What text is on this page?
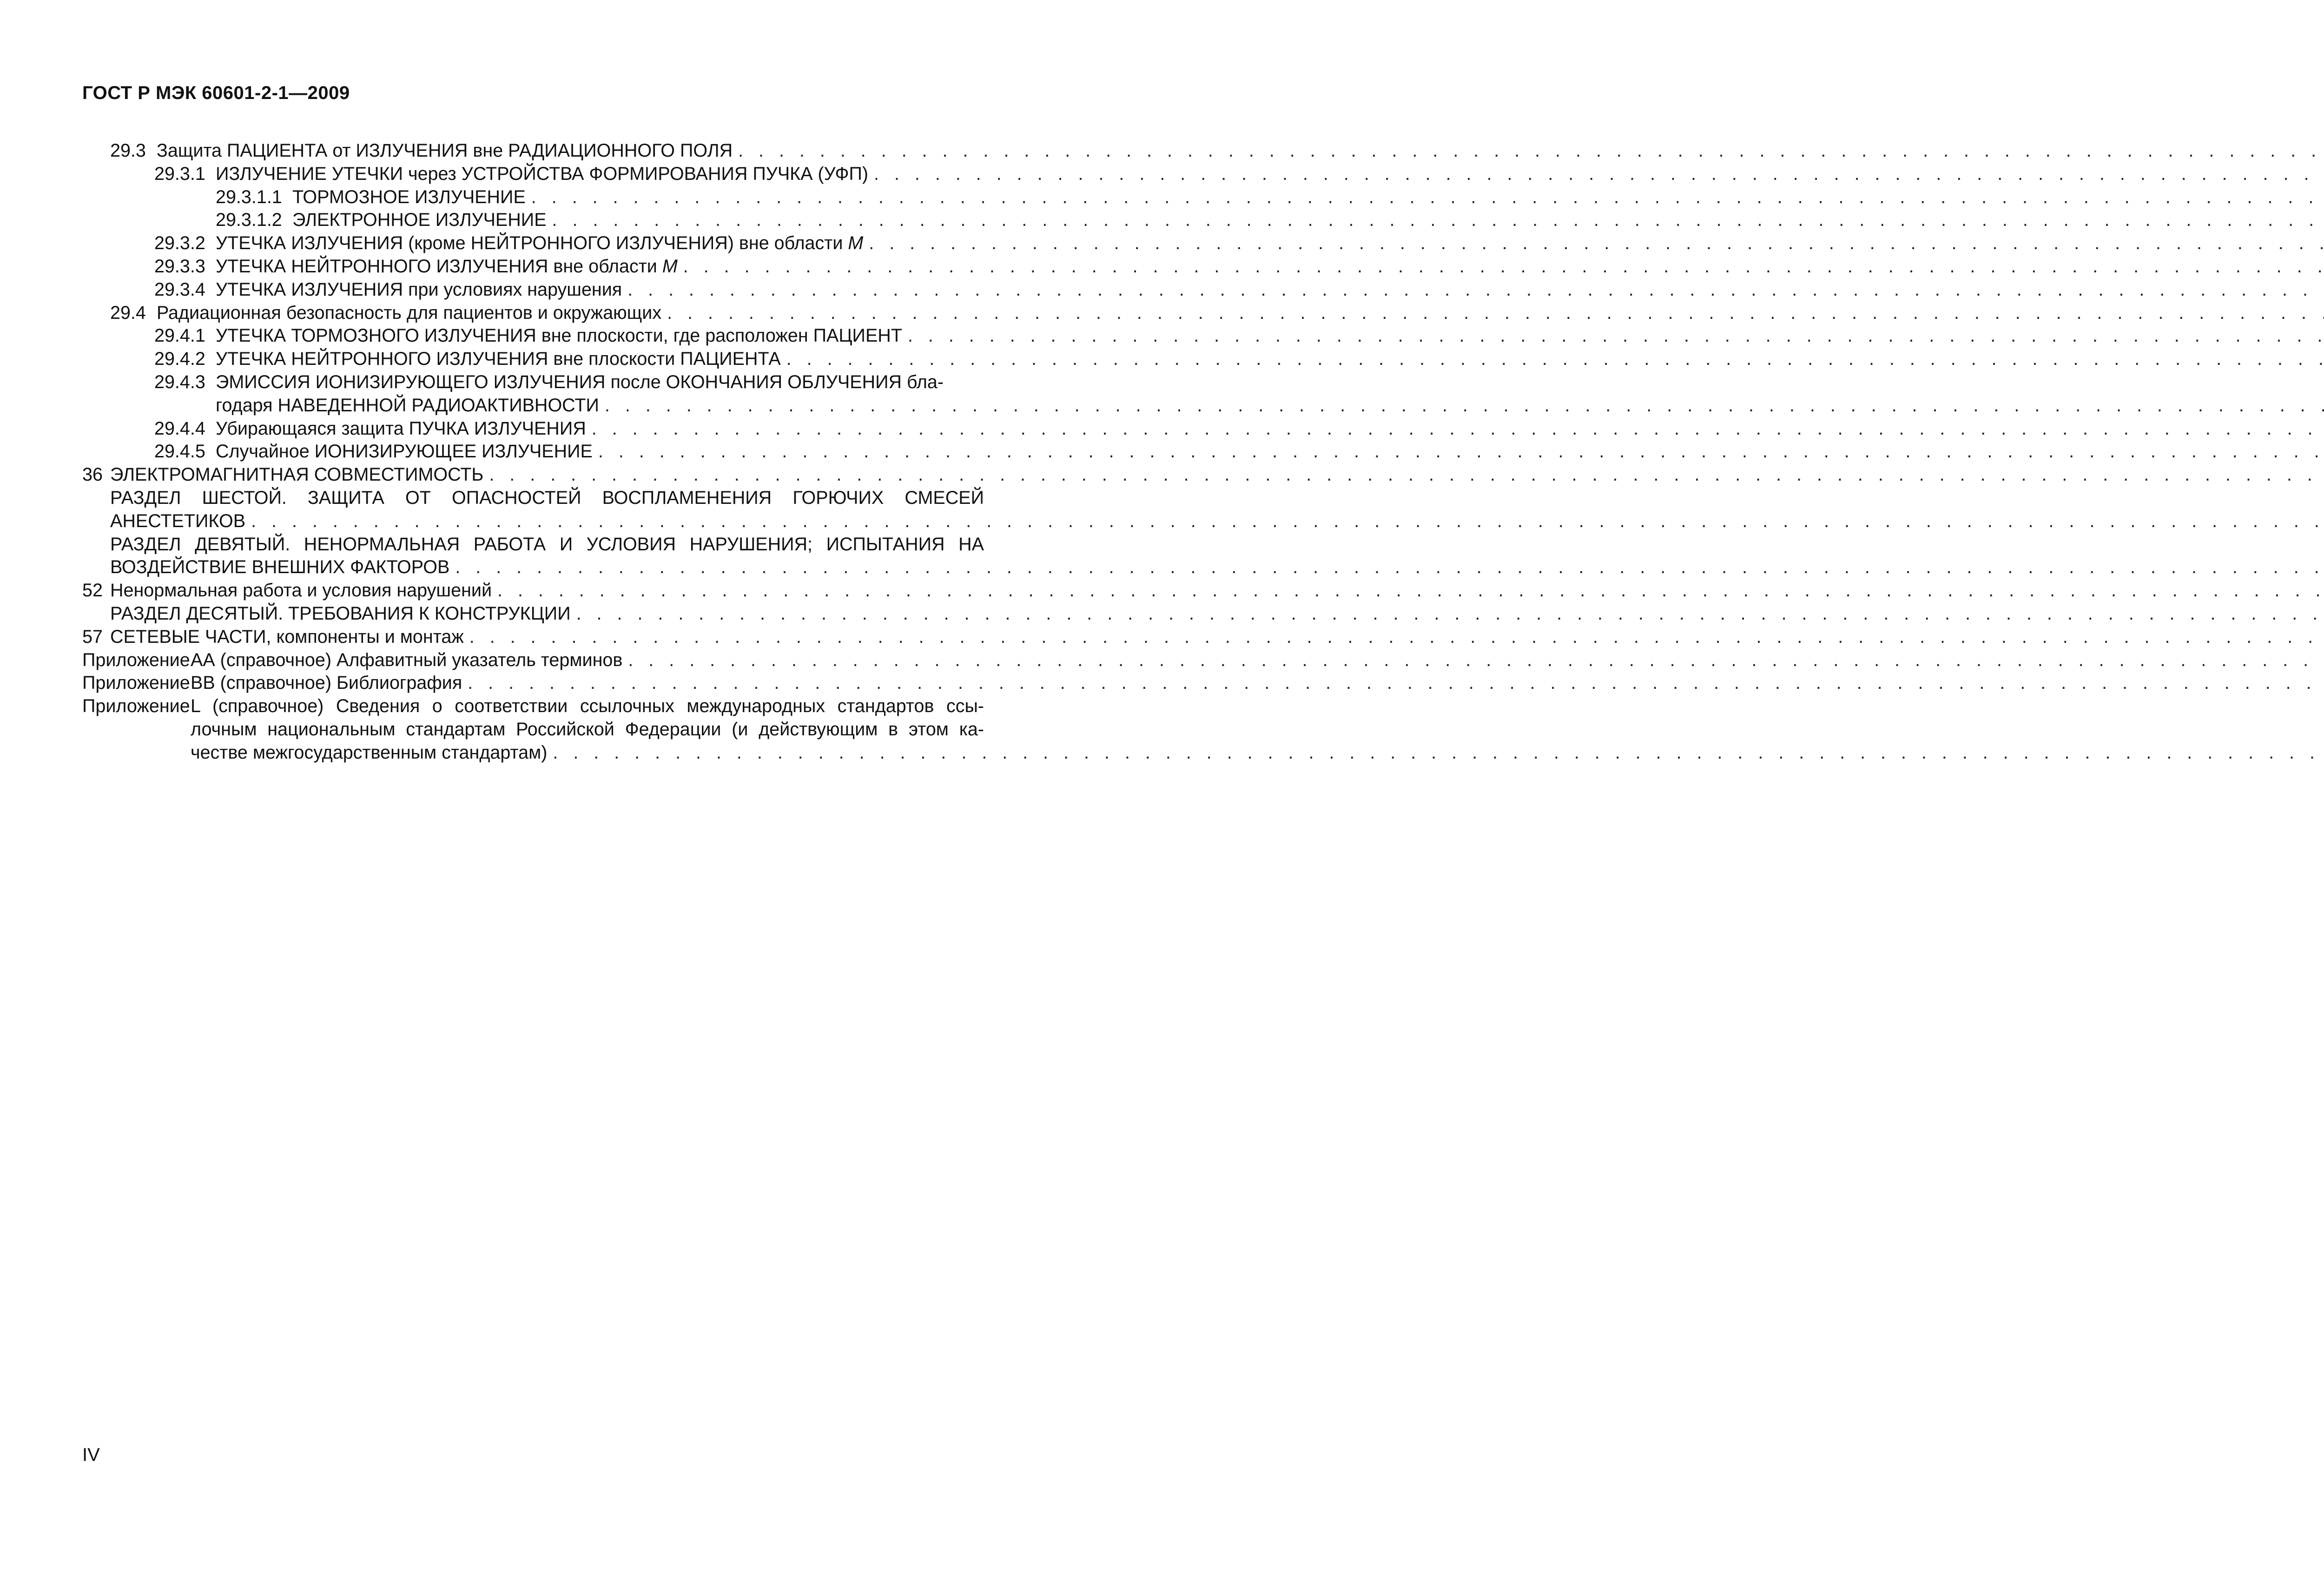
ГОСТ Р МЭК 60601-2-1—2009
29.3 Защита ПАЦИЕНТА от ИЗЛУЧЕНИЯ вне РАДИАЦИОННОГО ПОЛЯ
. . .
29.3.1 ИЗЛУЧЕНИЕ УТЕЧКИ через УСТРОЙСТВА ФОРМИРОВАНИЯ ПУЧКА (УФП)
. . .
29.3.1.1 ТОРМОЗНОЕ ИЗЛУЧЕНИЕ
. . .
29.3.1.2 ЭЛЕКТРОННОЕ ИЗЛУЧЕНИЕ
. . .
29.3.2 УТЕЧКА ИЗЛУЧЕНИЯ (кроме НЕЙТРОННОГО ИЗЛУЧЕНИЯ) вне области M
. . .
29.3.3 УТЕЧКА НЕЙТРОННОГО ИЗЛУЧЕНИЯ вне области M
. . .
29.3.4 УТЕЧКА ИЗЛУЧЕНИЯ при условиях нарушения
. . .
29.4 Радиационная безопасность для пациентов и окружающих
. . .
29.4.1 УТЕЧКА ТОРМОЗНОГО ИЗЛУЧЕНИЯ вне плоскости, где расположен ПАЦИЕНТ
. . .
29.4.2 УТЕЧКА НЕЙТРОННОГО ИЗЛУЧЕНИЯ вне плоскости ПАЦИЕНТА
. . .
29.4.3 ЭМИССИЯ ИОНИЗИРУЮЩЕГО ИЗЛУЧЕНИЯ после ОКОНЧАНИЯ ОБЛУЧЕНИЯ бла-
годаря НАВЕДЕННОЙ РАДИОАКТИВНОСТИ
. . .
29.4.4 Убирающаяся защита ПУЧКА ИЗЛУЧЕНИЯ
. . .
29.4.5 Случайное ИОНИЗИРУЮЩЕЕ ИЗЛУЧЕНИЕ
. . .
36 ЭЛЕКТРОМАГНИТНАЯ СОВМЕСТИМОСТЬ
. . .
РАЗДЕЛ ШЕСТОЙ. ЗАЩИТА ОТ ОПАСНОСТЕЙ ВОСПЛАМЕНЕНИЯ ГОРЮЧИХ СМЕСЕЙ
АНЕСТЕТИКОВ
. . .
РАЗДЕЛ ДЕВЯТЫЙ. НЕНОРМАЛЬНАЯ РАБОТА И УСЛОВИЯ НАРУШЕНИЯ; ИСПЫТАНИЯ НА
ВОЗДЕЙСТВИЕ ВНЕШНИХ ФАКТОРОВ
. . .
52 Ненормальная работа и условия нарушений
. . .
РАЗДЕЛ ДЕСЯТЫЙ. ТРЕБОВАНИЯ К КОНСТРУКЦИИ
. . .
57 СЕТЕВЫЕ ЧАСТИ, компоненты и монтаж
. . .
Приложение АА (справочное) Алфавитный указатель терминов
. . .
Приложение ВВ (справочное) Библиография
. . .
Приложение L (справочное) Сведения о соответствии ссылочных международных стандартов ссы-
лочным национальным стандартам Российской Федерации (и действующим в этом ка-
честве межгосударственным стандартам)
. . .
IV
